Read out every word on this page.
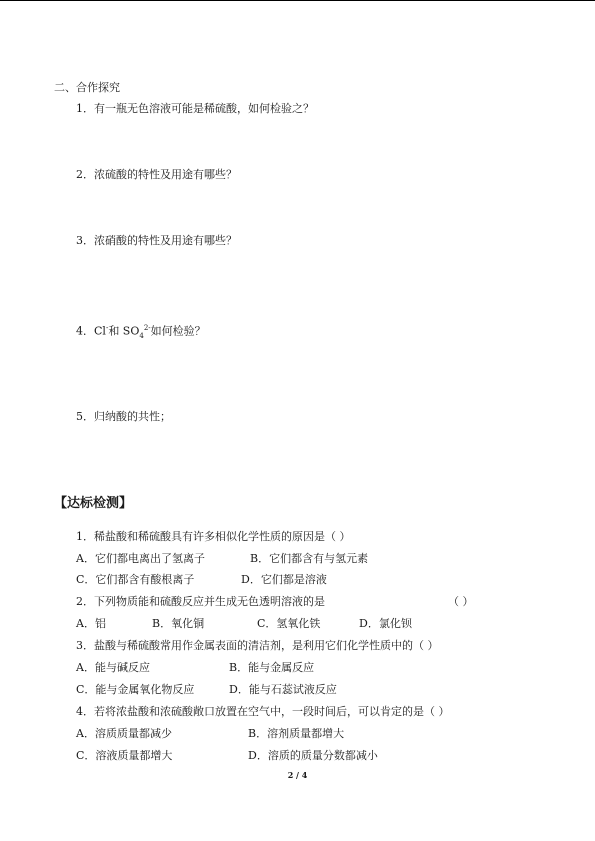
二、合作探究
1．有一瓶无色溶液可能是稀硫酸，如何检验之？
2．浓硫酸的特性及用途有哪些？
3．浓硝酸的特性及用途有哪些？
4．Cl-和 $SO_4^{2-}$如何检验？
5．归纳酸的共性；
【达标检测】
1．稀盐酸和稀硫酸具有许多相似化学性质的原因是（ ）
A．它们都电离出了氢离子	B．它们都含有与氢元素
C．它们都含有酸根离子	D．它们都是溶液
2．下列物质能和硫酸反应并生成无色透明溶液的是	（ ）
A．铝	B．氧化铜	C．氢氧化铁	D．氯化钡
3．盐酸与稀硫酸常用作金属表面的清洁剂，是利用它们化学性质中的（ ）
A．能与碱反应	B．能与金属反应
C．能与金属氧化物反应	D．能与石蕊试液反应
4．若将浓盐酸和浓硫酸敞口放置在空气中，一段时间后，可以肯定的是（ ）
A．溶质质量都减少	B．溶剂质量都增大
C．溶液质量都增大	D．溶质的质量分数都减小
2 / 4
